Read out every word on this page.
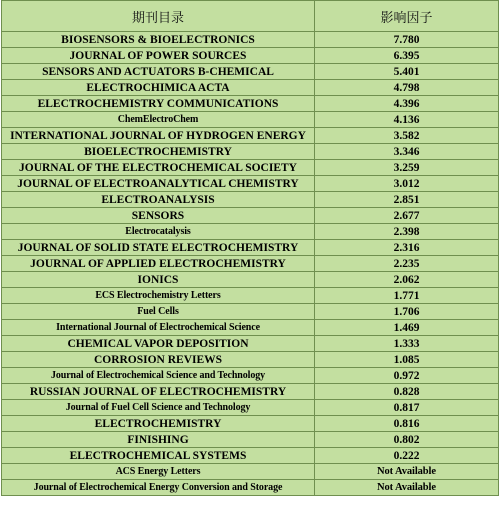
期刊目录	影响因子
BIOSENSORS & BIOELECTRONICS	7.780
JOURNAL OF POWER SOURCES	6.395
SENSORS AND ACTUATORS B-CHEMICAL	5.401
ELECTROCHIMICA ACTA	4.798
ELECTROCHEMISTRY COMMUNICATIONS	4.396
ChemElectroChem	4.136
INTERNATIONAL JOURNAL OF HYDROGEN ENERGY	3.582
BIOELECTROCHEMISTRY	3.346
JOURNAL OF THE ELECTROCHEMICAL SOCIETY	3.259
JOURNAL OF ELECTROANALYTICAL CHEMISTRY	3.012
ELECTROANALYSIS	2.851
SENSORS	2.677
Electrocatalysis	2.398
JOURNAL OF SOLID STATE ELECTROCHEMISTRY	2.316
JOURNAL OF APPLIED ELECTROCHEMISTRY	2.235
IONICS	2.062
ECS Electrochemistry Letters	1.771
Fuel Cells	1.706
International Journal of Electrochemical Science	1.469
CHEMICAL VAPOR DEPOSITION	1.333
CORROSION REVIEWS	1.085
Journal of Electrochemical Science and Technology	0.972
RUSSIAN JOURNAL OF ELECTROCHEMISTRY	0.828
Journal of Fuel Cell Science and Technology	0.817
ELECTROCHEMISTRY	0.816
FINISHING	0.802
ELECTROCHEMICAL SYSTEMS	0.222
ACS Energy Letters	Not Available
Journal of Electrochemical Energy Conversion and Storage	Not Available
